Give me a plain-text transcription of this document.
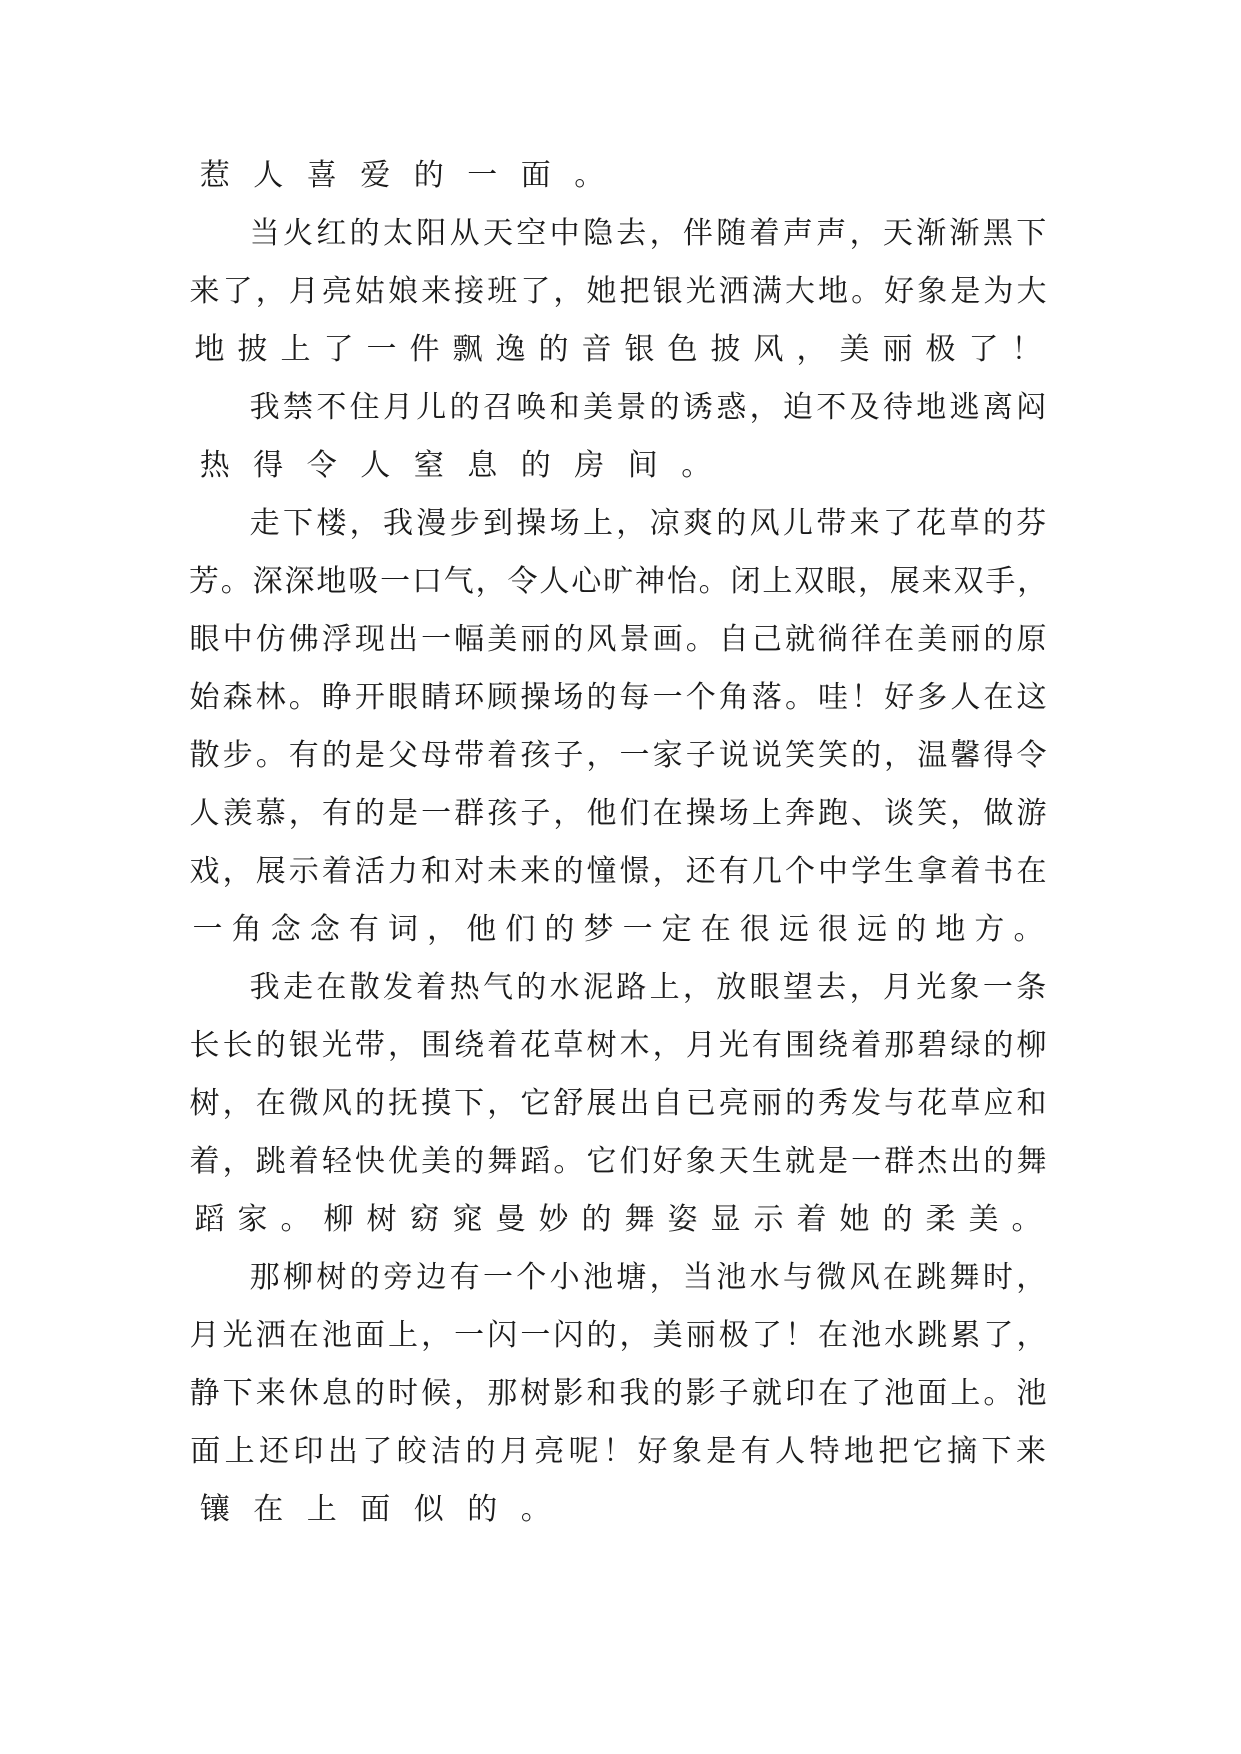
惹 人 喜 爱 的 一 面 。
当 火 红 的 太 阳 从 天 空 中 隐 去 ， 伴 随 着 声 声 ， 天 渐 渐 黑 下
来 了 ， 月 亮 姑 娘 来 接 班 了 ， 她 把 银 光 洒 满 大 地 。 好 象 是 为 大
地 披 上 了 一 件 飘 逸 的 音 银 色 披 风 ， 美 丽 极 了 ！
我 禁 不 住 月 儿 的 召 唤 和 美 景 的 诱 惑 ， 迫 不 及 待 地 逃 离 闷
热 得 令 人 窒 息 的 房 间 。
走 下 楼 ， 我 漫 步 到 操 场 上 ， 凉 爽 的 风 儿 带 来 了 花 草 的 芬
芳 。 深 深 地 吸 一 口 气 ， 令 人 心 旷 神 怡 。 闭 上 双 眼 ， 展 来 双 手 ，
眼 中 仿 佛 浮 现 出 一 幅 美 丽 的 风 景 画 。 自 己 就 徜 徉 在 美 丽 的 原
始 森 林 。 睁 开 眼 睛 环 顾 操 场 的 每 一 个 角 落 。 哇 ！ 好 多 人 在 这
散 步 。 有 的 是 父 母 带 着 孩 子 ， 一 家 子 说 说 笑 笑 的 ， 温 馨 得 令
人 羡 慕 ， 有 的 是 一 群 孩 子 ， 他 们 在 操 场 上 奔 跑 、 谈 笑 ， 做 游
戏 ， 展 示 着 活 力 和 对 未 来 的 憧 憬 ， 还 有 几 个 中 学 生 拿 着 书 在
一 角 念 念 有 词 ， 他 们 的 梦 一 定 在 很 远 很 远 的 地 方 。
我 走 在 散 发 着 热 气 的 水 泥 路 上 ， 放 眼 望 去 ， 月 光 象 一 条
长 长 的 银 光 带 ， 围 绕 着 花 草 树 木 ， 月 光 有 围 绕 着 那 碧 绿 的 柳
树 ， 在 微 风 的 抚 摸 下 ， 它 舒 展 出 自 已 亮 丽 的 秀 发 与 花 草 应 和
着 ， 跳 着 轻 快 优 美 的 舞 蹈 。 它 们 好 象 天 生 就 是 一 群 杰 出 的 舞
蹈 家 。 柳 树 窈 窕 曼 妙 的 舞 姿 显 示 着 她 的 柔 美 。
那 柳 树 的 旁 边 有 一 个 小 池 塘 ， 当 池 水 与 微 风 在 跳 舞 时 ，
月 光 洒 在 池 面 上 ， 一 闪 一 闪 的 ， 美 丽 极 了 ！ 在 池 水 跳 累 了 ，
静 下 来 休 息 的 时 候 ， 那 树 影 和 我 的 影 子 就 印 在 了 池 面 上 。 池
面 上 还 印 出 了 皎 洁 的 月 亮 呢 ！ 好 象 是 有 人 特 地 把 它 摘 下 来
镶 在 上 面 似 的 。
